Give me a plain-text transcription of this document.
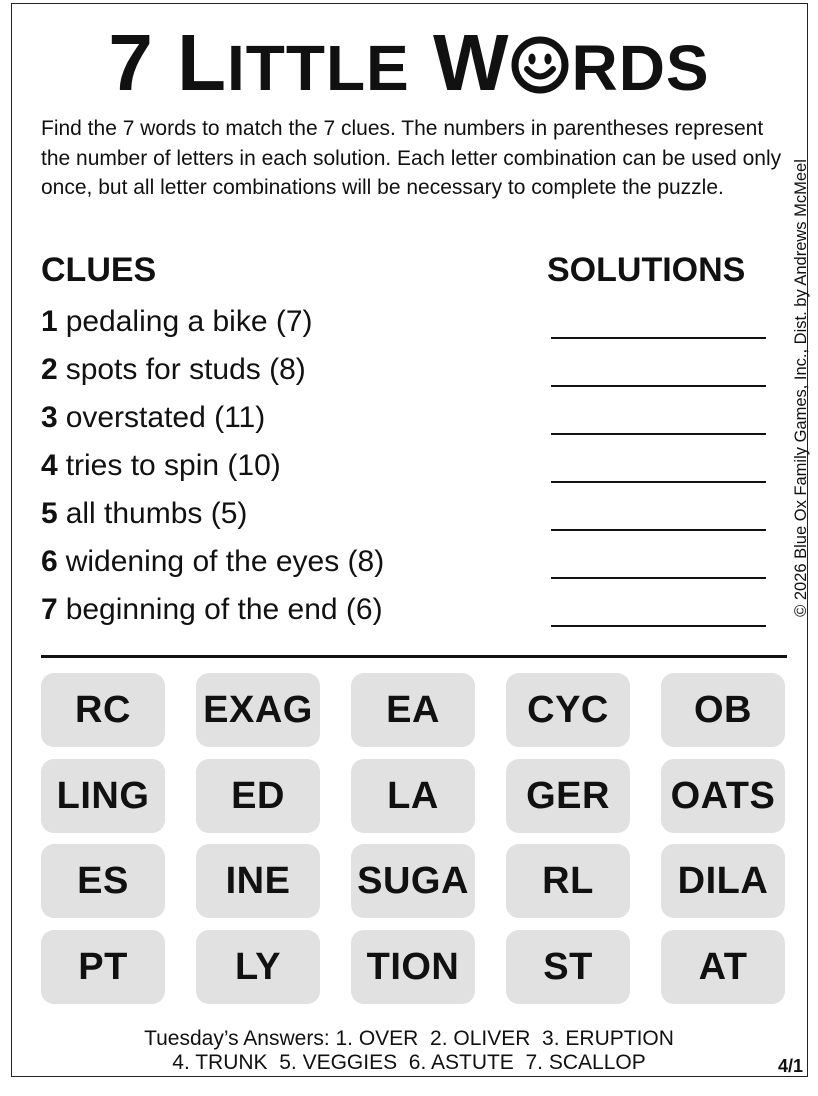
7 LITTLE W RDS
Find the 7 words to match the 7 clues. The numbers in parentheses represent the number of letters in each solution. Each letter combination can be used only once, but all letter combinations will be necessary to complete the puzzle.	© 2026 Blue Ox Family Games, Inc., Dist. by Andrews McMeel
CLUES	SOLUTIONS
1 pedaling a bike (7)
2 spots for studs (8)
3 overstated (11)
4 tries to spin (10)
5 all thumbs (5)
6 widening of the eyes (8)
7 beginning of the end (6)
RC	EXAG	EA	CYC	OB
LING	ED	LA	GER	OATS
ES	INE	SUGA	RL	DILA
PT	LY	TION	ST	AT
Tuesday’s Answers: 1. OVER  2. OLIVER  3. ERUPTION
4. TRUNK  5. VEGGIES  6. ASTUTE  7. SCALLOP	4/1
